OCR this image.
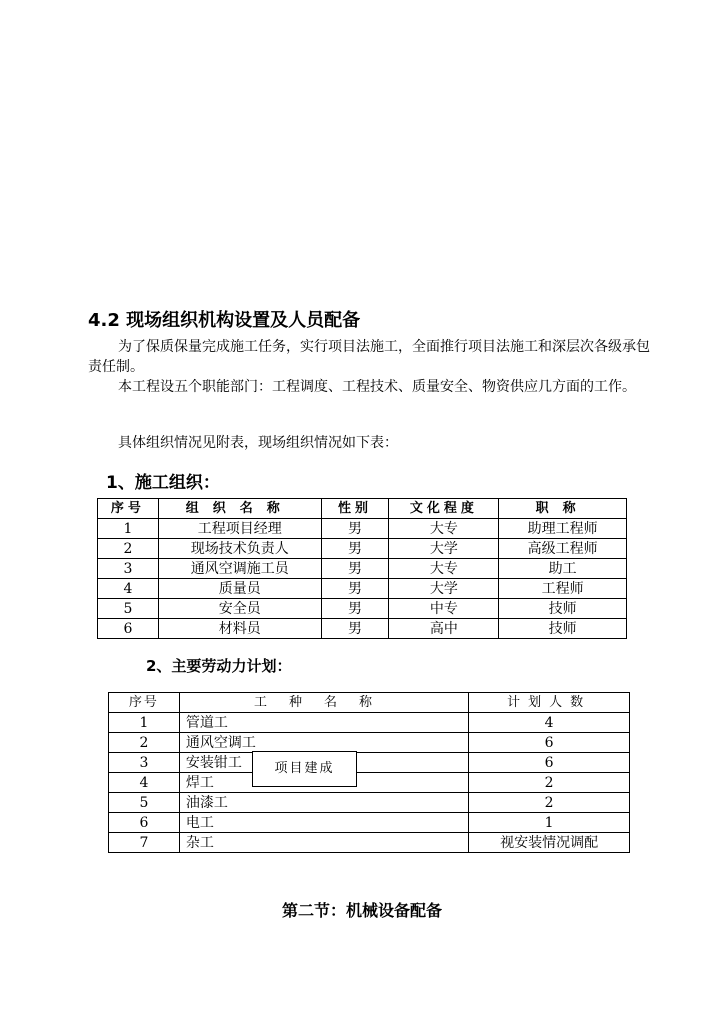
4.2 现场组织机构设置及人员配备
为了保质保量完成施工任务，实行项目法施工，全面推行项目法施工和深层次各级承包责任制。
本工程设五个职能部门：工程调度、工程技术、质量安全、物资供应几方面的工作。
具体组织情况见附表，现场组织情况如下表：
1、施工组织：
序号	组织名称	性别	文化程度	职称
1	工程项目经理	男	大专	助理工程师
2	现场技术负责人	男	大学	高级工程师
3	通风空调施工员	男	大专	助工
4	质量员	男	大学	工程师
5	安全员	男	中专	技师
6	材料员	男	高中	技师
2、主要劳动力计划：
序号	工种名称	计划人数
1	管道工	4
2	通风空调工	6
3	安装钳工	6
4	焊工	2
5	油漆工	2
6	电工	1
7	杂工	视安装情况调配
项目建成
第二节：机械设备配备
